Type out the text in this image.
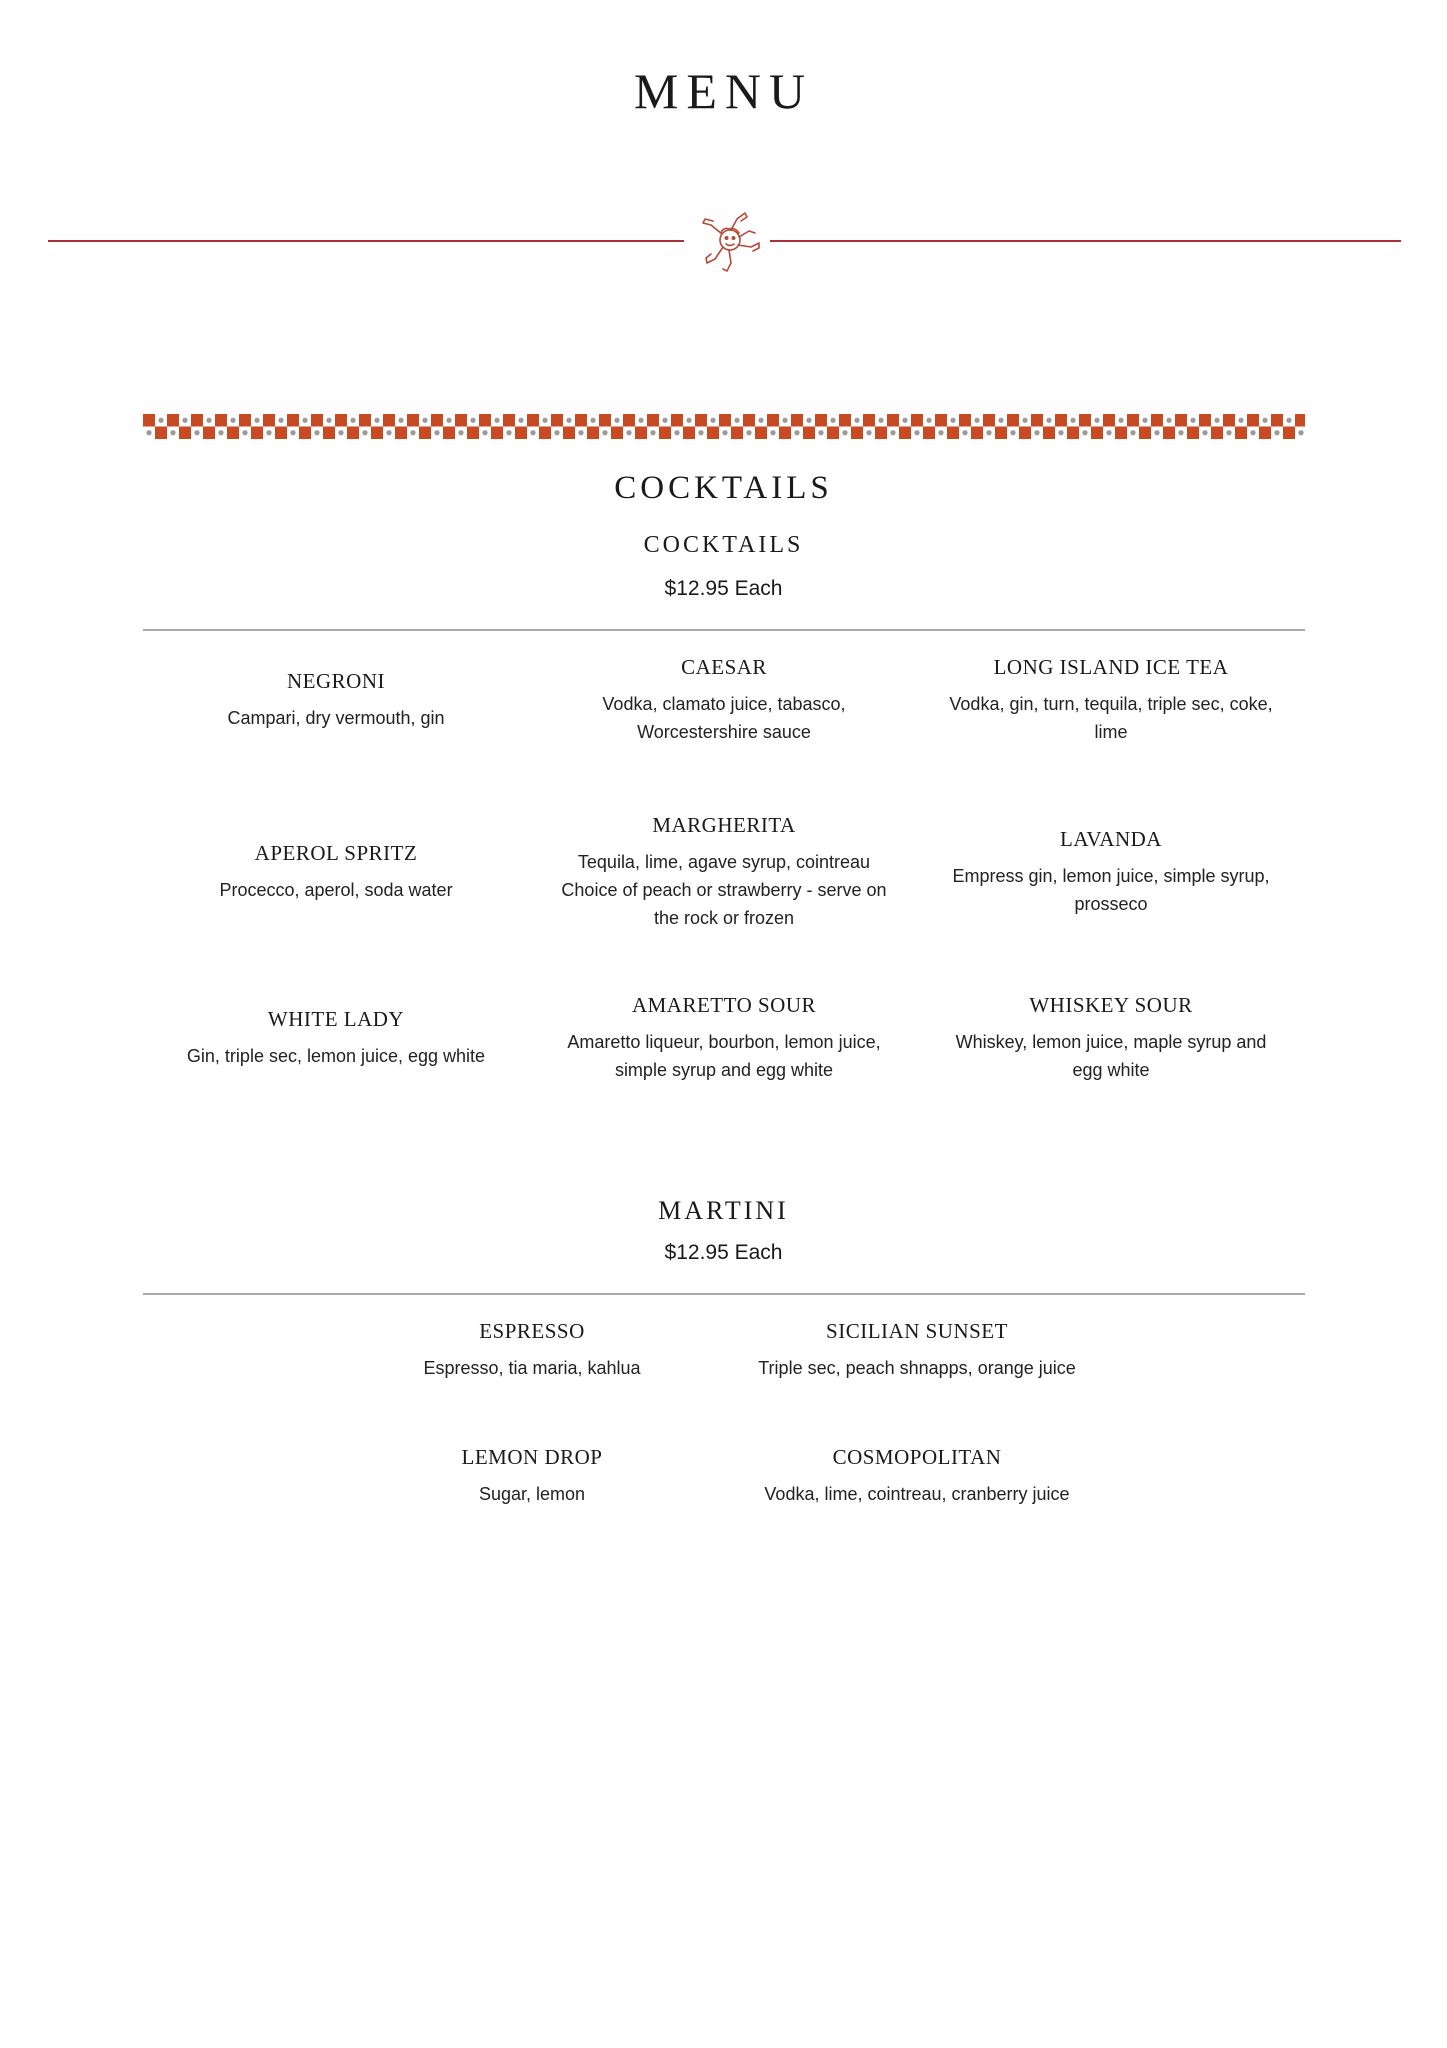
MENU
COCKTAILS
COCKTAILS
$12.95 Each
NEGRONI
Campari, dry vermouth, gin
CAESAR
Vodka, clamato juice, tabasco,
Worcestershire sauce
LONG ISLAND ICE TEA
Vodka, gin, turn, tequila, triple sec, coke,
lime
APEROL SPRITZ
Procecco, aperol, soda water
MARGHERITA
Tequila, lime, agave syrup, cointreau
Choice of peach or strawberry - serve on
the rock or frozen
LAVANDA
Empress gin, lemon juice, simple syrup,
prosseco
WHITE LADY
Gin, triple sec, lemon juice, egg white
AMARETTO SOUR
Amaretto liqueur, bourbon, lemon juice,
simple syrup and egg white
WHISKEY SOUR
Whiskey, lemon juice, maple syrup and
egg white
MARTINI
$12.95 Each
ESPRESSO
Espresso, tia maria, kahlua
SICILIAN SUNSET
Triple sec, peach shnapps, orange juice
LEMON DROP
Sugar, lemon
COSMOPOLITAN
Vodka, lime, cointreau, cranberry juice
